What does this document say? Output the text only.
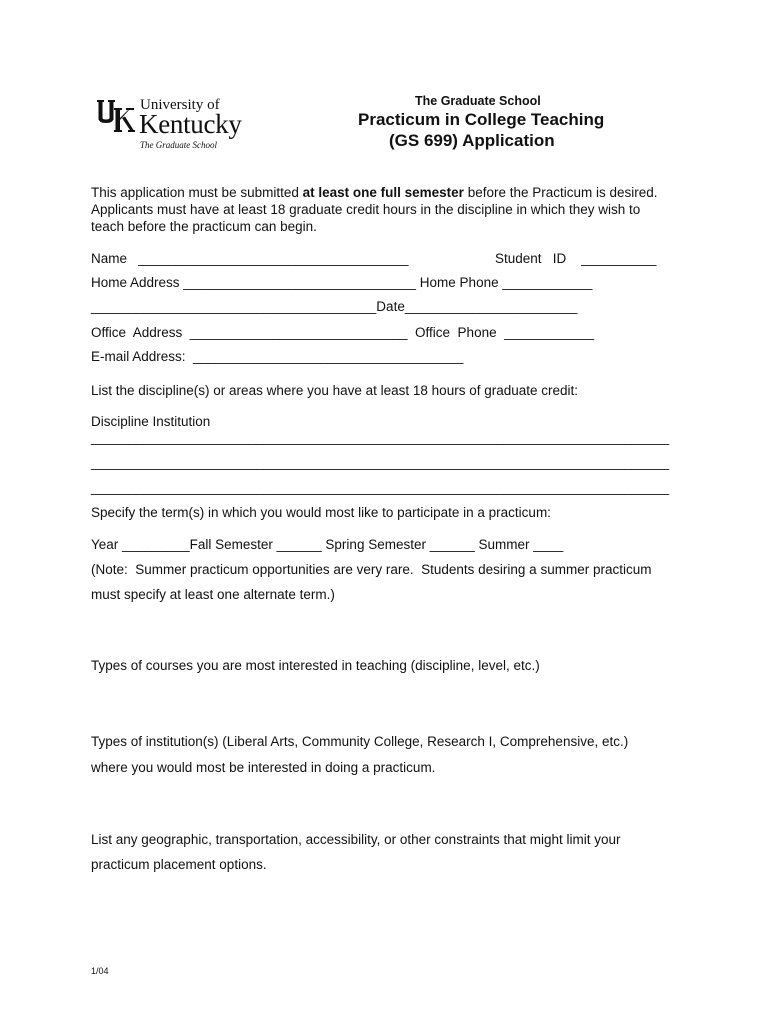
University of
Kentucky
The Graduate School
The Graduate School
Practicum in College Teaching
(GS 699) Application
This application must be submitted at least one full semester before the Practicum is desired.
Applicants must have at least 18 graduate credit hours in the discipline in which they wish to
teach before the practicum can begin.
Name   ____________________________________	Student   ID    __________
Home Address _______________________________ Home Phone ____________
______________________________________Date_______________________
Office  Address  _____________________________  Office  Phone  ____________
E-mail Address:  ____________________________________
List the discipline(s) or areas where you have at least 18 hours of graduate credit:
Discipline Institution
_____________________________________________________________________________
_____________________________________________________________________________
_____________________________________________________________________________
Specify the term(s) in which you would most like to participate in a practicum:
Year _________Fall Semester ______ Spring Semester ______ Summer ____
(Note:  Summer practicum opportunities are very rare.  Students desiring a summer practicum
must specify at least one alternate term.)
Types of courses you are most interested in teaching (discipline, level, etc.)
Types of institution(s) (Liberal Arts, Community College, Research I, Comprehensive, etc.)
where you would most be interested in doing a practicum.
List any geographic, transportation, accessibility, or other constraints that might limit your
practicum placement options.
1/04
